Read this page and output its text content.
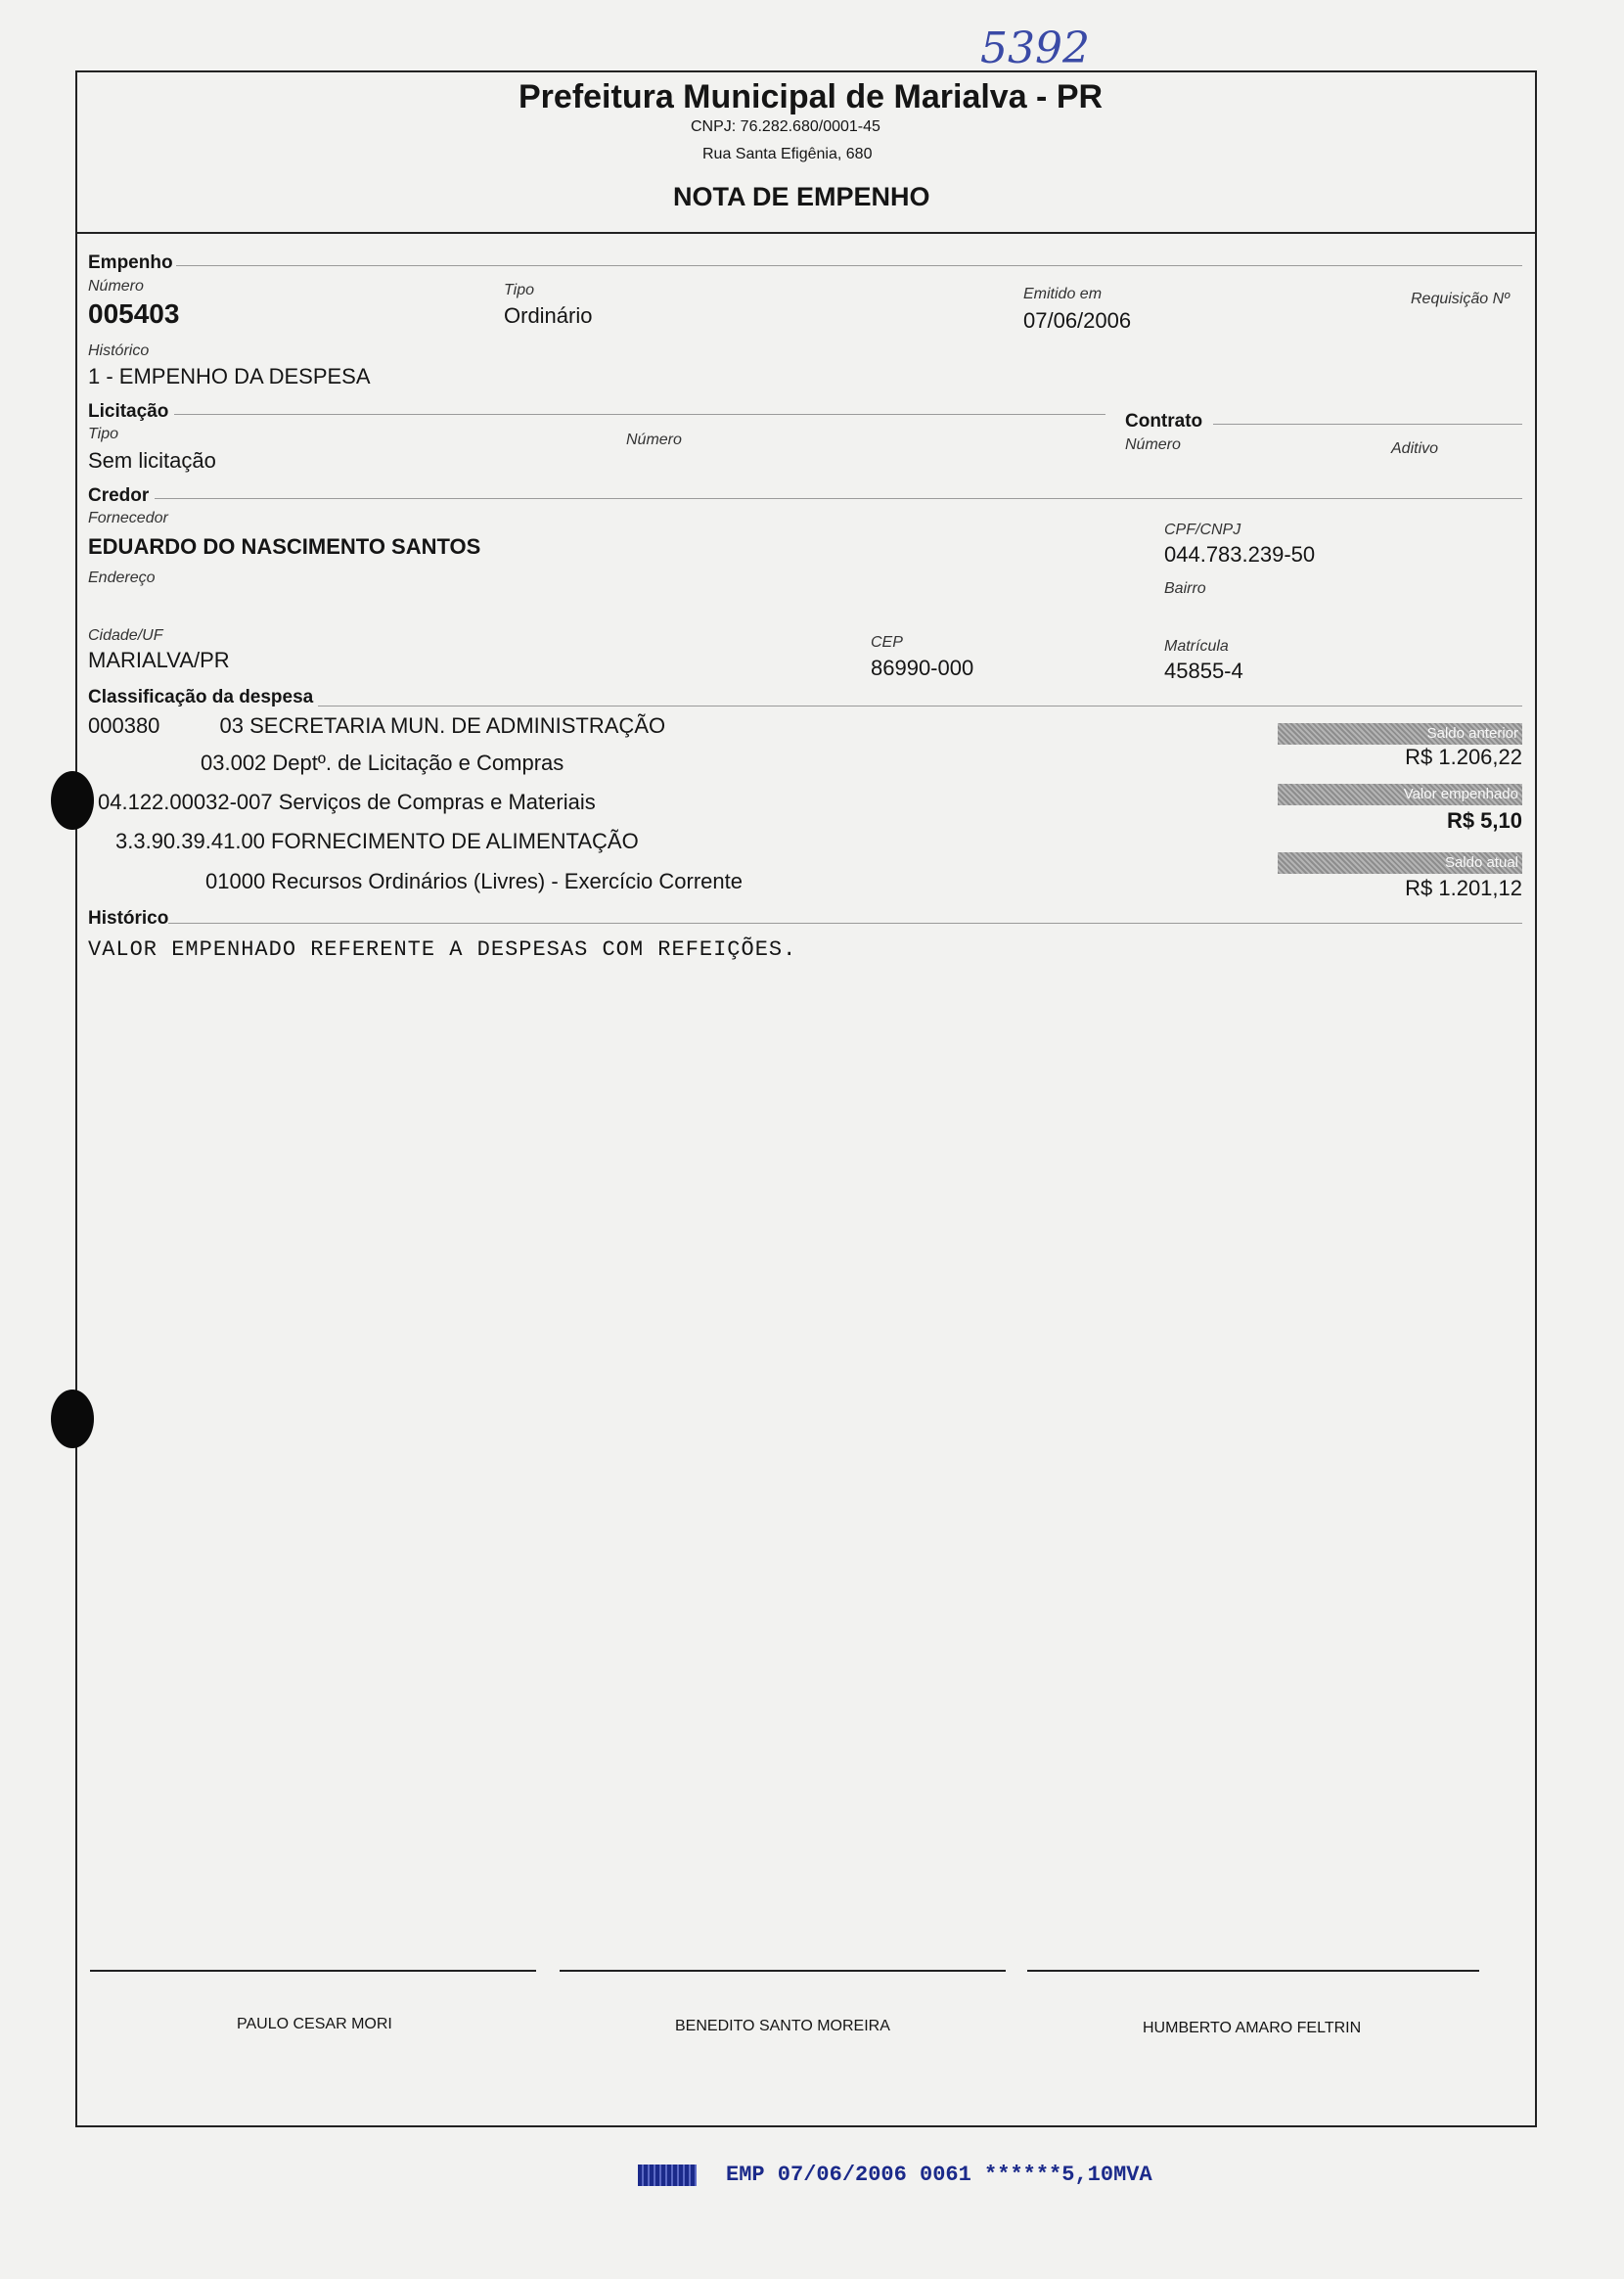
5392
Prefeitura Municipal de Marialva - PR
CNPJ: 76.282.680/0001-45
Rua Santa Efigênia, 680
NOTA DE EMPENHO
Empenho
Número
005403
Tipo
Ordinário
Emitido em
07/06/2006
Requisição Nº
Histórico
1 - EMPENHO DA DESPESA
Licitação
Tipo
Sem licitação
Número
Contrato
Número	Aditivo
Credor
Fornecedor
EDUARDO DO NASCIMENTO SANTOS
CPF/CNPJ
044.783.239-50
Endereço
Bairro
Cidade/UF
MARIALVA/PR
CEP
86990-000
Matrícula
45855-4
Classificação da despesa
000380          03 SECRETARIA MUN. DE ADMINISTRAÇÃO
03.002 Deptº. de Licitação e Compras
04.122.00032-007 Serviços de Compras e Materiais
3.3.90.39.41.00 FORNECIMENTO DE ALIMENTAÇÃO
01000 Recursos Ordinários (Livres) - Exercício Corrente
Saldo anterior
R$ 1.206,22
Valor empenhado
R$ 5,10
Saldo atual
R$ 1.201,12
Histórico
VALOR EMPENHADO REFERENTE A DESPESAS COM REFEIÇÕES.
PAULO CESAR MORI	BENEDITO SANTO MOREIRA	HUMBERTO AMARO FELTRIN
EMP 07/06/2006 0061 ******5,10MVA
